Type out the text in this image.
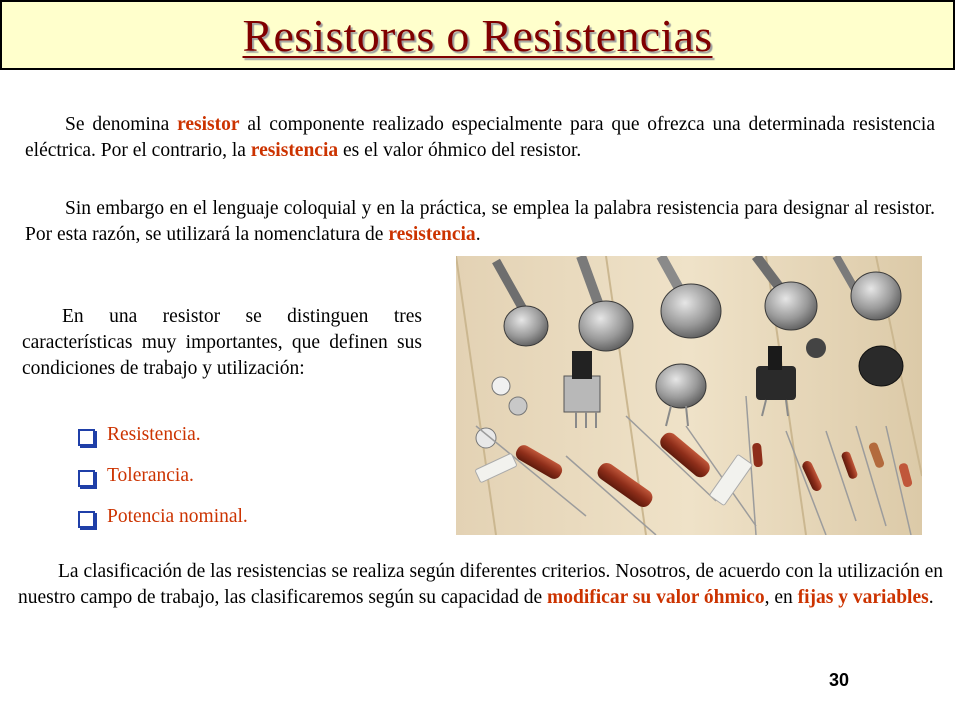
Resistores o Resistencias

Se denomina resistor al componente realizado especialmente para que ofrezca una determinada resistencia eléctrica. Por el contrario, la resistencia es el valor óhmico del resistor.

Sin embargo en el lenguaje coloquial y en la práctica, se emplea la palabra resistencia para designar al resistor. Por esta razón, se utilizará la nomenclatura de resistencia.

En una resistor se distinguen tres características muy importantes, que definen sus condiciones de trabajo y utilización:

Resistencia.
Tolerancia.
Potencia nominal.

La clasificación de las resistencias se realiza según diferentes criterios. Nosotros, de acuerdo con la utilización en nuestro campo de trabajo, las clasificaremos según su capacidad de modificar su valor óhmico, en fijas y variables.

30
